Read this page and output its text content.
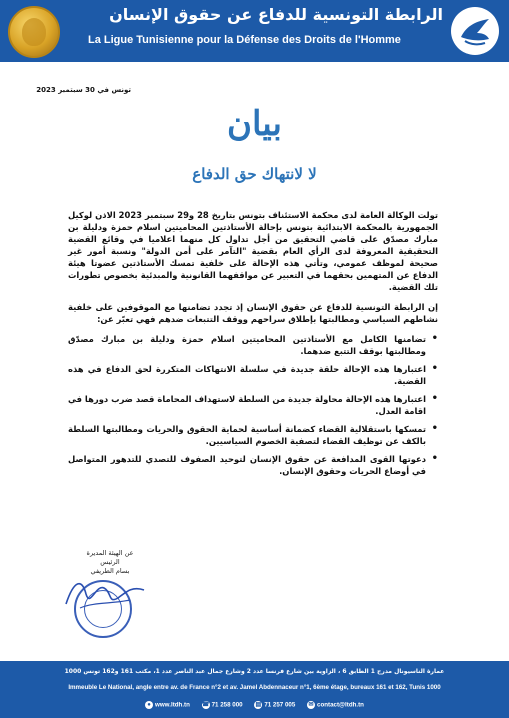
الرابطة التونسية للدفاع عن حقوق الإنسان
La Ligue Tunisienne pour la Défense des Droits de l'Homme
تونس في 30 سبتمبر 2023
بيان
لا لانتهاك حق الدفاع

تولت الوكالة العامة لدى محكمة الاستئناف بتونس بتاريخ 28 و29 سبتمبر 2023 الاذن لوكيل الجمهورية بالمحكمة الابتدائية بتونس بإحالة الأستاذتين المحاميتين اسلام حمزة ودليلة بن مبارك مصدّق على قاضي التحقيق من أجل تداول كل منهما اعلاميا في وقائع القضية التحقيقية المعروفة لدى الرأي العام بقضية "التآمر على أمن الدولة" ونسبة أمور غير صحيحة لموظف عمومي، وتأتي هذه الإحالة على خلفية تمسك الأستاذتين عضوتا هيئة الدفاع عن المتهمين بحقهما في التعبير عن مواقفهما القانونية والمبدئية بخصوص تطورات تلك القضية.

إن الرابطة التونسية للدفاع عن حقوق الإنسان إذ تجدد تضامنها مع الموقوفين على خلفية نشاطهم السياسي ومطالبتها بإطلاق سراحهم ووقف التتبعات ضدهم فهي تعبّر عن:

• تضامنها الكامل مع الأستاذتين المحاميتين اسلام حمزة ودليلة بن مبارك مصدّق ومطالبتها بوقف التتبع ضدهما.
• اعتبارها هذه الإحالة حلقة جديدة في سلسلة الانتهاكات المتكررة لحق الدفاع في هذه القضية.
• اعتبارها هذه الإحالة محاولة جديدة من السلطة لاستهداف المحاماة قصد ضرب دورها في اقامة العدل.
• تمسكها باستقلالية القضاء كضمانة أساسية لحماية الحقوق والحريات ومطالبتها السلطة بالكف عن توظيف القضاء لتصفية الخصوم السياسيين.
• دعوتها القوى المدافعة عن حقوق الإنسان لتوحيد الصفوف للتصدي للتدهور المتواصل في أوضاع الحريات وحقوق الإنسان.
عن الهيئة المديرة
الرئيس
بسام الطريفي
عمارة الناسيونال مدرج 1 الطابق 6 ، الزاوية بين شارع فرنسا عدد 2 وشارع جمال عبد الناصر عدد 1، مكتب 161 و162 تونس 1000
Immeuble Le National, angle entre av. de France n°2 et av. Jamel Abdennaceur n°1, 6ème étage, bureaux 161 et 162, Tunis 1000
● www.ltdh.tn ☎ 71 258 000 ▤ 71 257 005 ✉ contact@ltdh.tn
